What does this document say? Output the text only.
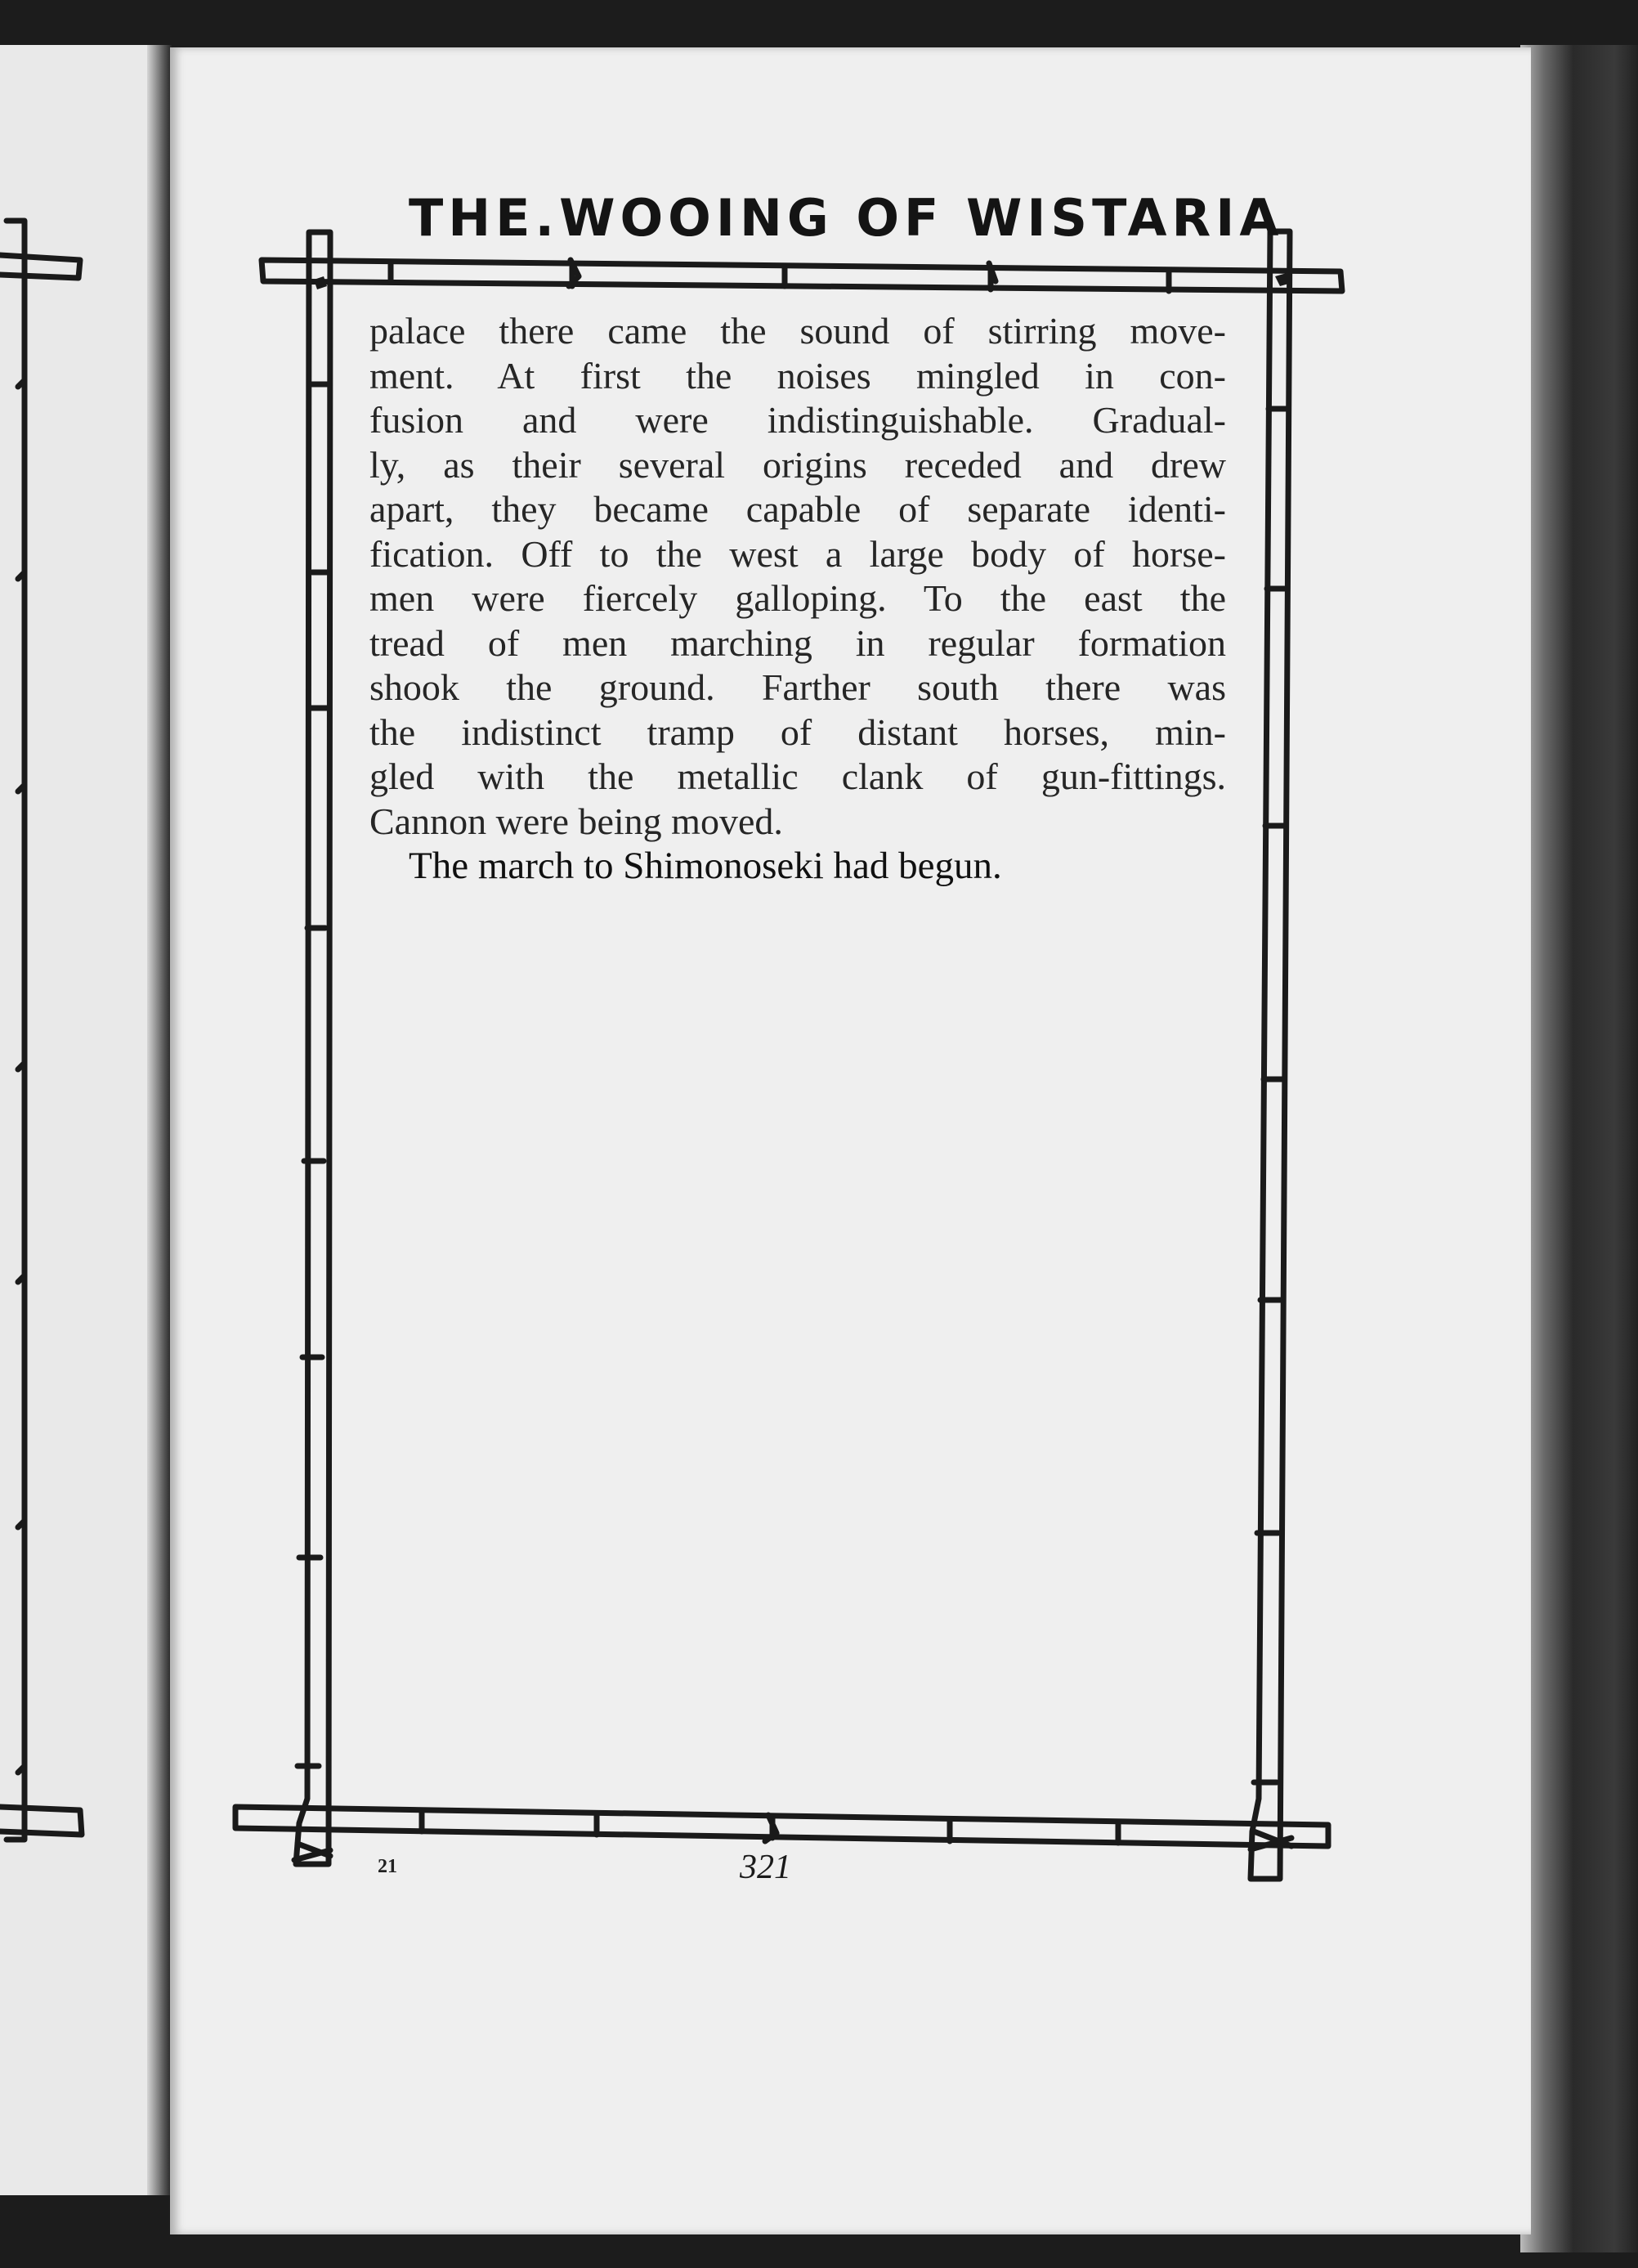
THE.WOOING OF WISTARIA
palace there came the sound of stirring move-
ment. At first the noises mingled in con-
fusion and were indistinguishable. Gradual-
ly, as their several origins receded and drew
apart, they became capable of separate identi-
fication. Off to the west a large body of horse-
men were fiercely galloping. To the east the
tread of men marching in regular formation
shook the ground. Farther south there was
the indistinct tramp of distant horses, min-
gled with the metallic clank of gun-fittings.
Cannon were being moved.
The march to Shimonoseki had begun.
21	321
